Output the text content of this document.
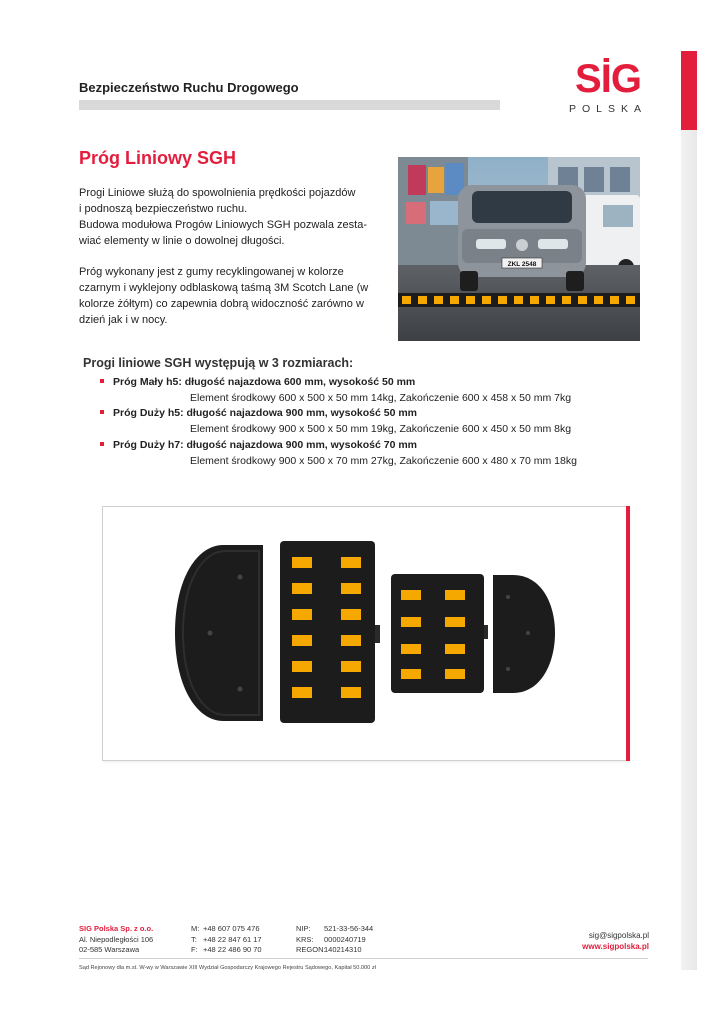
Bezpieczeństwo Ruchu Drogowego	SİG
POLSKA
Próg Liniowy SGH
Progi Liniowe służą do spowolnienia prędkości pojazdów
i podnoszą bezpieczeństwo ruchu.
Budowa modułowa Progów Liniowych SGH pozwala zesta-
wiać elementy w linie o dowolnej długości.
Próg wykonany jest z gumy recyklingowanej w kolorze
czarnym i wyklejony odblaskową taśmą 3M Scotch Lane (w
kolorze żółtym) co zapewnia dobrą widoczność zarówno w
dzień jak i w nocy.
ZKL 2548
Progi liniowe SGH występują w 3 rozmiarach:
Próg Mały h5: długość najazdowa 600 mm, wysokość 50 mm
Element środkowy 600 x 500 x 50 mm 14kg, Zakończenie 600 x 458 x 50 mm 7kg
Próg Duży h5: długość najazdowa 900 mm, wysokość 50 mm
Element środkowy 900 x 500 x 50 mm 19kg, Zakończenie 600 x 450 x 50 mm 8kg
Próg Duży h7: długość najazdowa 900 mm, wysokość 70 mm
Element środkowy 900 x 500 x 70 mm 27kg, Zakończenie 600 x 480 x 70 mm 18kg
SIG Polska Sp. z o.o.
Al. Niepodległości 106
02-585 Warszawa
M: +48 607 075 476
T: +48 22 847 61 17
F: +48 22 486 90 70
NIP: 521-33-56-344
KRS: 0000240719
REGON:140214310
sig@sigpolska.pl
www.sigpolska.pl
Sąd Rejonowy dla m.st. W-wy w Warszawie XIII Wydział Gospodarczy Krajowego Rejestru Sądowego, Kapitał 50.000 zł
